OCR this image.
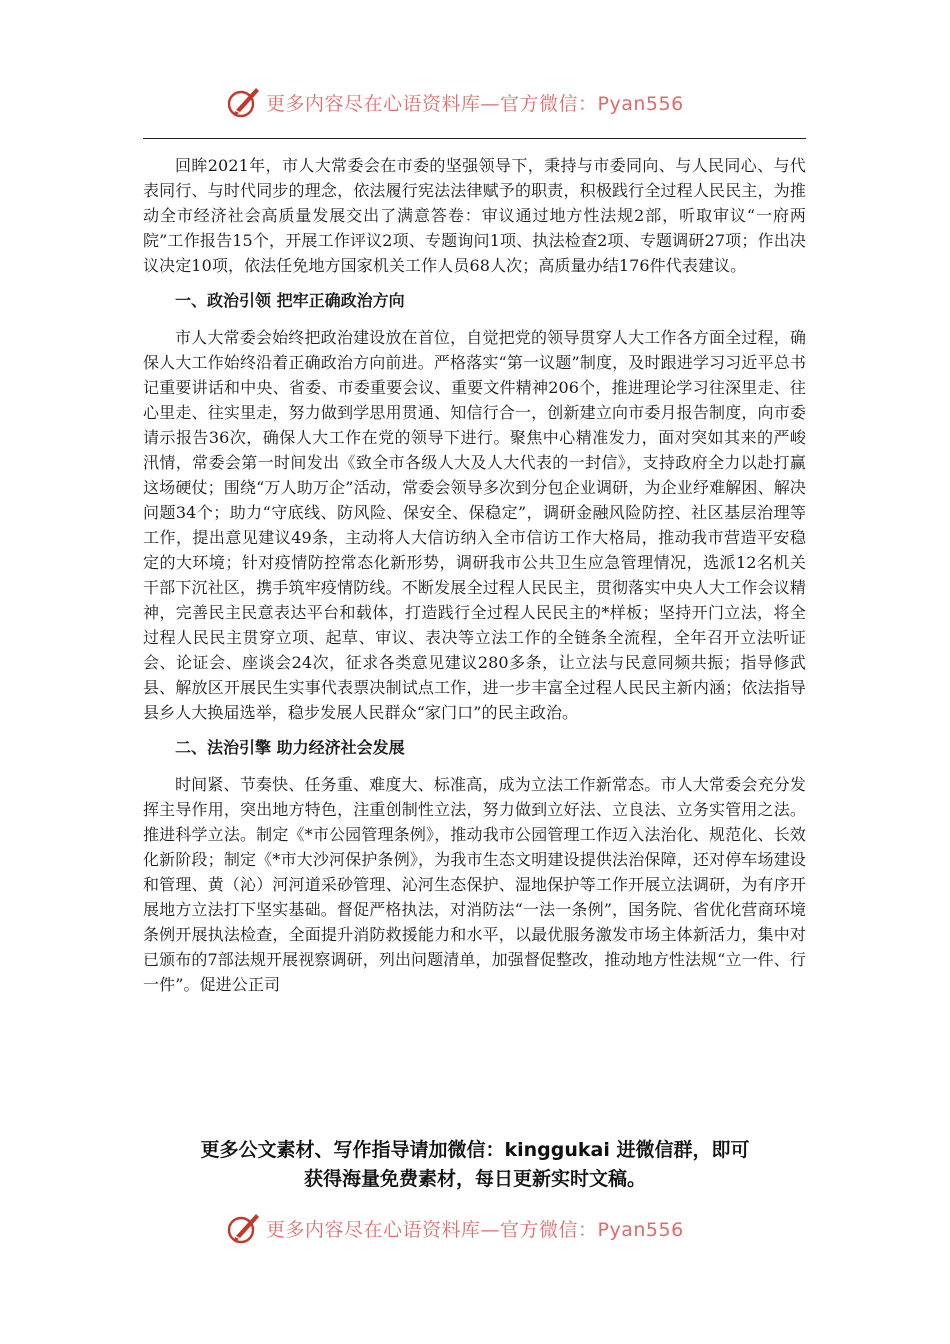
更多内容尽在心语资料库—官方微信：Pyan556

回眸2021年，市人大常委会在市委的坚强领导下，秉持与市委同向、与人民同心、与代表同行、与时代同步的理念，依法履行宪法法律赋予的职责，积极践行全过程人民民主，为推动全市经济社会高质量发展交出了满意答卷：审议通过地方性法规2部，听取审议“一府两院”工作报告15个，开展工作评议2项、专题询问1项、执法检查2项、专题调研27项；作出决议决定10项，依法任免地方国家机关工作人员68人次；高质量办结176件代表建议。

一、政治引领 把牢正确政治方向

市人大常委会始终把政治建设放在首位，自觉把党的领导贯穿人大工作各方面全过程，确保人大工作始终沿着正确政治方向前进。严格落实“第一议题”制度，及时跟进学习习近平总书记重要讲话和中央、省委、市委重要会议、重要文件精神206个，推进理论学习往深里走、往心里走、往实里走，努力做到学思用贯通、知信行合一，创新建立向市委月报告制度，向市委请示报告36次，确保人大工作在党的领导下进行。聚焦中心精准发力，面对突如其来的严峻汛情，常委会第一时间发出《致全市各级人大及人大代表的一封信》，支持政府全力以赴打赢这场硬仗；围绕“万人助万企”活动，常委会领导多次到分包企业调研，为企业纾难解困、解决问题34个；助力“守底线、防风险、保安全、保稳定”，调研金融风险防控、社区基层治理等工作，提出意见建议49条，主动将人大信访纳入全市信访工作大格局，推动我市营造平安稳定的大环境；针对疫情防控常态化新形势，调研我市公共卫生应急管理情况，选派12名机关干部下沉社区，携手筑牢疫情防线。不断发展全过程人民民主，贯彻落实中央人大工作会议精神，完善民主民意表达平台和载体，打造践行全过程人民民主的*样板；坚持开门立法，将全过程人民民主贯穿立项、起草、审议、表决等立法工作的全链条全流程，全年召开立法听证会、论证会、座谈会24次，征求各类意见建议280多条，让立法与民意同频共振；指导修武县、解放区开展民生实事代表票决制试点工作，进一步丰富全过程人民民主新内涵；依法指导县乡人大换届选举，稳步发展人民群众“家门口”的民主政治。

二、法治引擎 助力经济社会发展

时间紧、节奏快、任务重、难度大、标准高，成为立法工作新常态。市人大常委会充分发挥主导作用，突出地方特色，注重创制性立法，努力做到立好法、立良法、立务实管用之法。推进科学立法。制定《*市公园管理条例》，推动我市公园管理工作迈入法治化、规范化、长效化新阶段；制定《*市大沙河保护条例》，为我市生态文明建设提供法治保障，还对停车场建设和管理、黄（沁）河河道采砂管理、沁河生态保护、湿地保护等工作开展立法调研，为有序开展地方立法打下坚实基础。督促严格执法，对消防法“一法一条例”，国务院、省优化营商环境条例开展执法检查，全面提升消防救援能力和水平，以最优服务激发市场主体新活力，集中对已颁布的7部法规开展视察调研，列出问题清单，加强督促整改，推动地方性法规“立一件、行一件”。促进公正司

更多公文素材、写作指导请加微信：kinggukai 进微信群，即可
获得海量免费素材，每日更新实时文稿。
更多内容尽在心语资料库—官方微信：Pyan556
